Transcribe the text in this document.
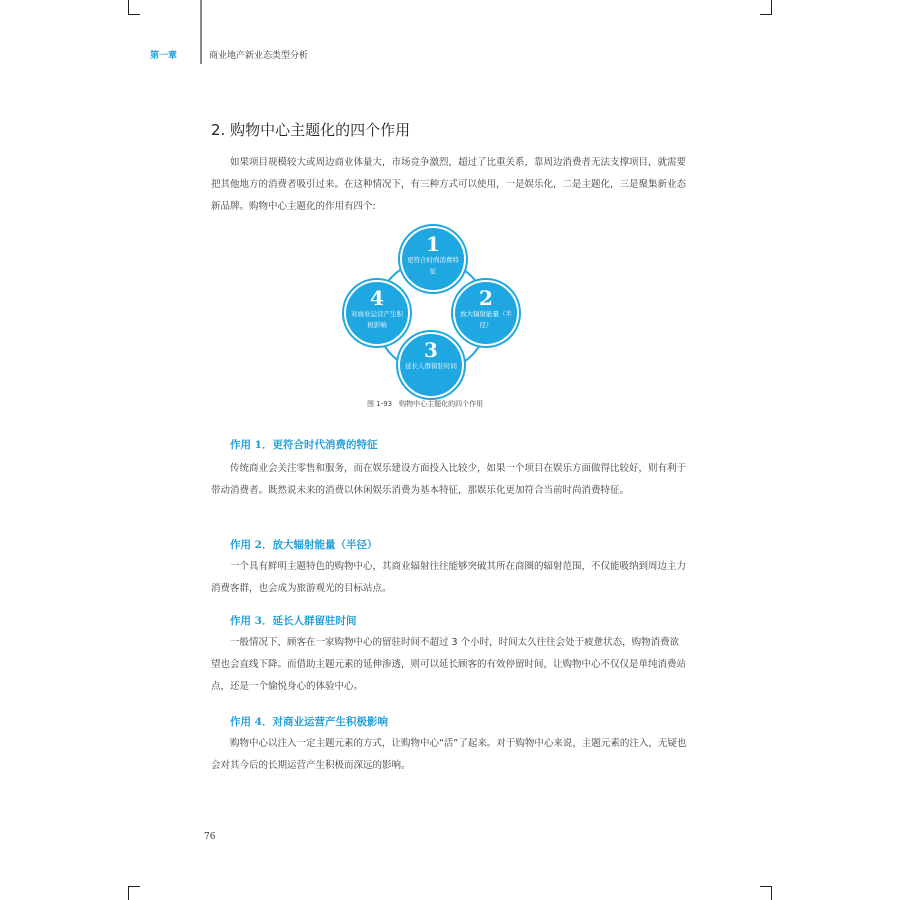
第一章	商业地产新业态类型分析
2. 购物中心主题化的四个作用
如果项目规模较大或周边商业体量大，市场竞争激烈，超过了比重关系，靠周边消费者无法支撑项目，就需要把其他地方的消费者吸引过来。在这种情况下，有三种方式可以使用，一是娱乐化，二是主题化，三是聚集新业态新品牌。购物中心主题化的作用有四个:
1
更符合时尚消费特征
2
放大辐射能量（半径）
3
延长人群留驻时间
4
对商业运营产生积极影响
图 1-93　购物中心主题化的四个作用
作用 1．更符合时代消费的特征
传统商业会关注零售和服务，而在娱乐建设方面投入比较少，如果一个项目在娱乐方面做得比较好，则有利于带动消费者。既然说未来的消费以休闲娱乐消费为基本特征，那娱乐化更加符合当前时尚消费特征。
作用 2．放大辐射能量（半径）
一个具有鲜明主题特色的购物中心，其商业辐射往往能够突破其所在商圈的辐射范围，不仅能吸纳到周边主力消费客群，也会成为旅游观光的目标站点。
作用 3．延长人群留驻时间
一般情况下，顾客在一家购物中心的留驻时间不超过 3 个小时，时间太久往往会处于疲惫状态，购物消费欲望也会直线下降。而借助主题元素的延伸渗透，则可以延长顾客的有效停留时间，让购物中心不仅仅是单纯消费站点，还是一个愉悦身心的体验中心。
作用 4．对商业运营产生积极影响
购物中心以注入一定主题元素的方式，让购物中心“活”了起来。对于购物中心来说，主题元素的注入，无疑也会对其今后的长期运营产生积极而深远的影响。
76
